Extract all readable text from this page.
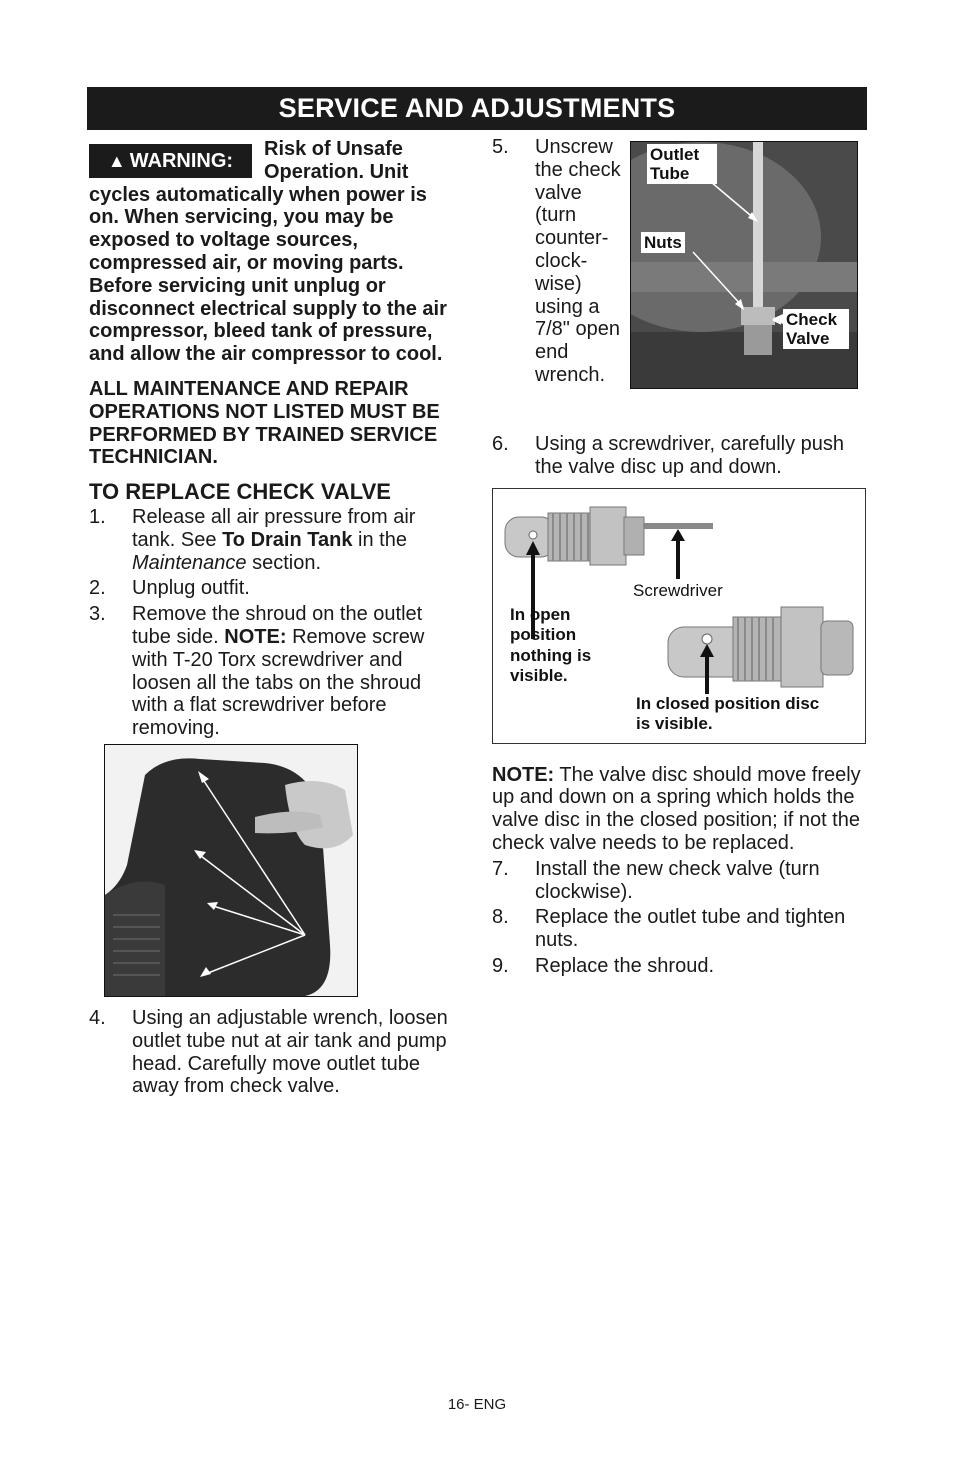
SERVICE AND ADJUSTMENTS
▲ WARNING:

Risk of Unsafe Operation. Unit cycles automatically when power is on. When servicing, you may be exposed to voltage sources, compressed air, or moving parts. Before servicing unit unplug or disconnect electrical supply to the air compressor, bleed tank of pressure, and allow the air compressor to cool.

ALL MAINTENANCE AND REPAIR OPERATIONS NOT LISTED MUST BE PERFORMED BY TRAINED SERVICE TECHNICIAN.

TO REPLACE CHECK VALVE
1. Release all air pressure from air tank. See To Drain Tank in the Maintenance section.
2. Unplug outfit.
3. Remove the shroud on the outlet tube side. NOTE: Remove screw with T-20 Torx screwdriver and loosen all the tabs on the shroud with a flat screwdriver before removing.
4. Using an adjustable wrench, loosen outlet tube nut at air tank and pump head. Carefully move outlet tube away from check valve.
5. Unscrew the check valve (turn counterclockwise) using a 7/8" open end wrench.
Outlet Tube
Nuts
Check Valve
6. Using a screwdriver, carefully push the valve disc up and down.
Screwdriver
In open position nothing is visible.
In closed position disc is visible.

NOTE: The valve disc should move freely up and down on a spring which holds the valve disc in the closed position; if not the check valve needs to be replaced.

7. Install the new check valve (turn clockwise).
8. Replace the outlet tube and tighten nuts.
9. Replace the shroud.
16- ENG
